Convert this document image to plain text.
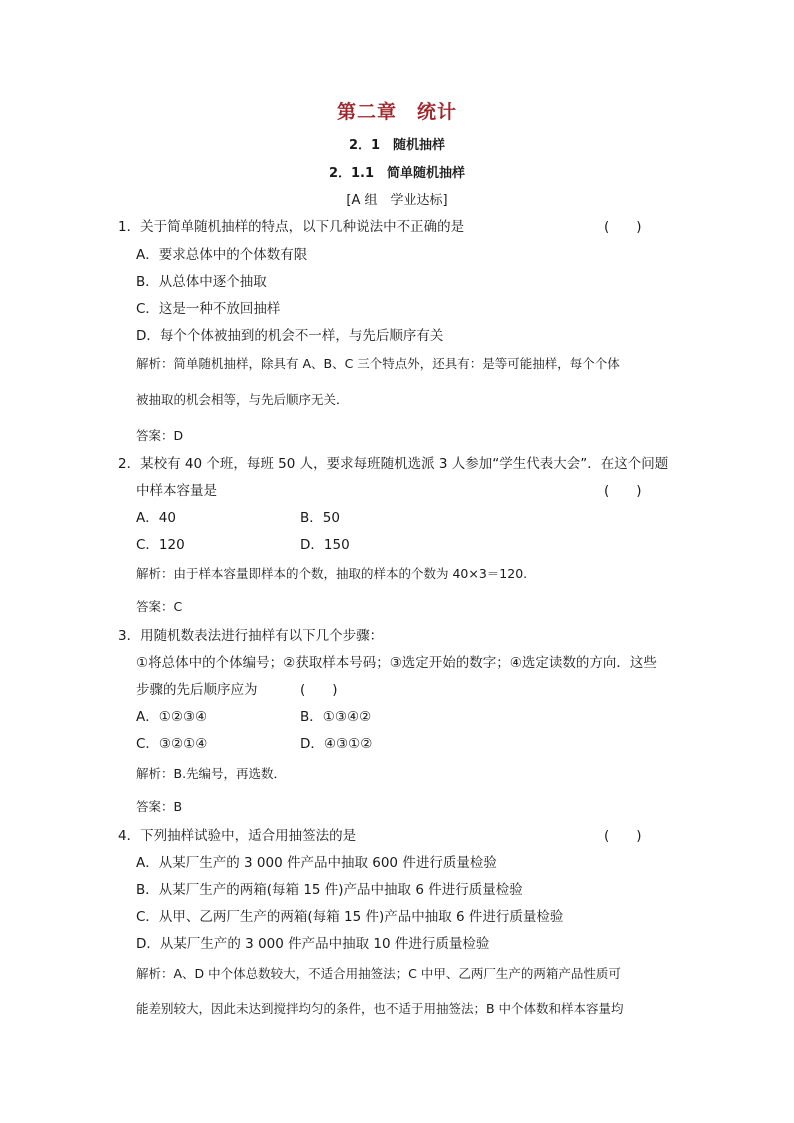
第二章　统计
2．1　随机抽样
2．1.1　简单随机抽样
[A 组　学业达标]
1．关于简单随机抽样的特点，以下几种说法中不正确的是	(　　)
A．要求总体中的个体数有限
B．从总体中逐个抽取
C．这是一种不放回抽样
D．每个个体被抽到的机会不一样，与先后顺序有关
解析：简单随机抽样，除具有 A、B、C 三个特点外，还具有：是等可能抽样，每个个体
被抽取的机会相等，与先后顺序无关．
答案：D
2．某校有 40 个班，每班 50 人，要求每班随机选派 3 人参加“学生代表大会”．在这个问题
中样本容量是	(　　)
A．40	B．50
C．120	D．150
解析：由于样本容量即样本的个数，抽取的样本的个数为 40×3＝120.
答案：C
3．用随机数表法进行抽样有以下几个步骤：
①将总体中的个体编号；②获取样本号码；③选定开始的数字；④选定读数的方向．这些
步骤的先后顺序应为	(　　)
A．①②③④	B．①③④②
C．③②①④	D．④③①②
解析：B.先编号，再选数．
答案：B
4．下列抽样试验中，适合用抽签法的是	(　　)
A．从某厂生产的 3 000 件产品中抽取 600 件进行质量检验
B．从某厂生产的两箱(每箱 15 件)产品中抽取 6 件进行质量检验
C．从甲、乙两厂生产的两箱(每箱 15 件)产品中抽取 6 件进行质量检验
D．从某厂生产的 3 000 件产品中抽取 10 件进行质量检验
解析：A、D 中个体总数较大，不适合用抽签法；C 中甲、乙两厂生产的两箱产品性质可
能差别较大，因此未达到搅拌均匀的条件，也不适于用抽签法；B 中个体数和样本容量均
